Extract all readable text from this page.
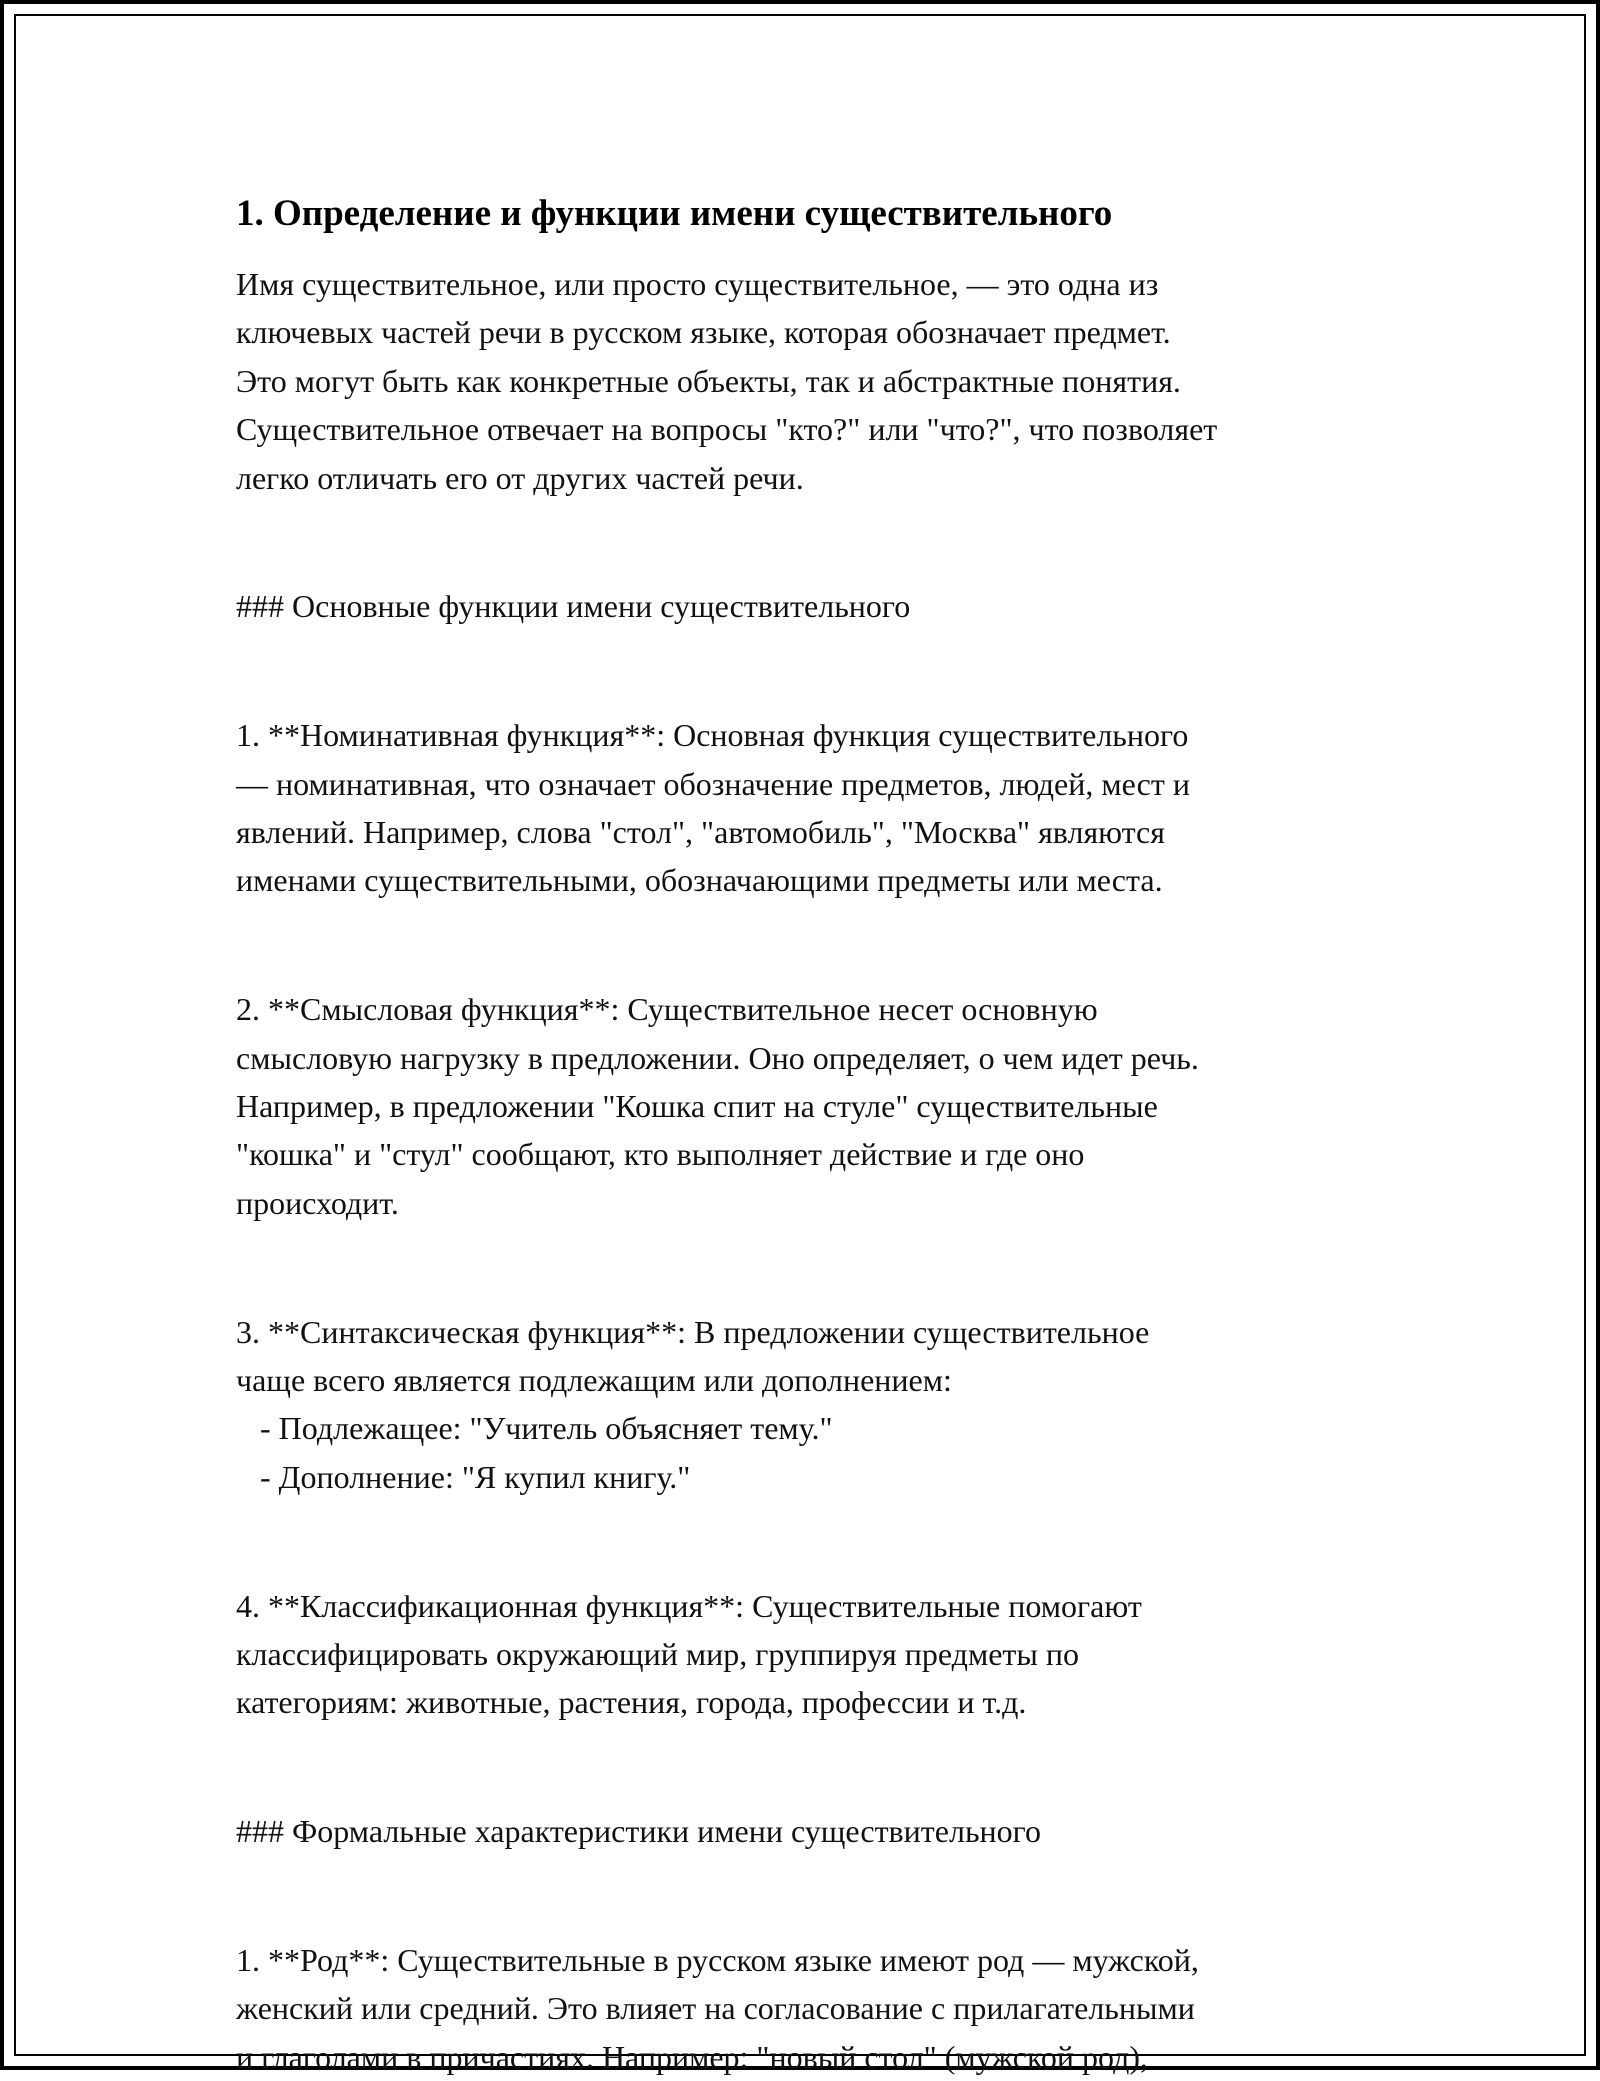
1. Определение и функции имени существительного

Имя существительное, или просто существительное, — это одна из

ключевых частей речи в русском языке, которая обозначает предмет.

Это могут быть как конкретные объекты, так и абстрактные понятия.

Существительное отвечает на вопросы "кто?" или "что?", что позволяет

легко отличать его от других частей речи.

### Основные функции имени существительного

1. **Номинативная функция**: Основная функция существительного

— номинативная, что означает обозначение предметов, людей, мест и

явлений. Например, слова "стол", "автомобиль", "Москва" являются

именами существительными, обозначающими предметы или места.

2. **Смысловая функция**: Существительное несет основную

смысловую нагрузку в предложении. Оно определяет, о чем идет речь.

Например, в предложении "Кошка спит на стуле" существительные

"кошка" и "стул" сообщают, кто выполняет действие и где оно

происходит.

3. **Синтаксическая функция**: В предложении существительное

чаще всего является подлежащим или дополнением:

- Подлежащее: "Учитель объясняет тему."

- Дополнение: "Я купил книгу."

4. **Классификационная функция**: Существительные помогают

классифицировать окружающий мир, группируя предметы по

категориям: животные, растения, города, профессии и т.д.

### Формальные характеристики имени существительного

1. **Род**: Существительные в русском языке имеют род — мужской,

женский или средний. Это влияет на согласование с прилагательными

и глаголами в причастиях. Например: "новый стол" (мужской род),
